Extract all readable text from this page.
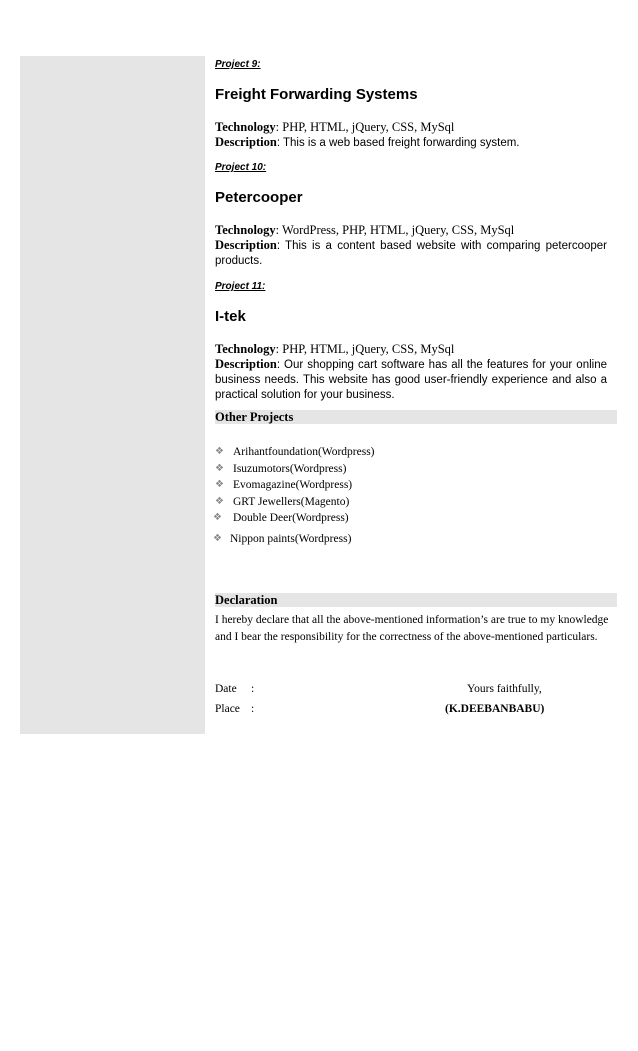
Project 9:

Freight Forwarding Systems

Technology: PHP, HTML, jQuery, CSS, MySql

Description: This is a web based freight forwarding system.

Project 10:

Petercooper

Technology: WordPress, PHP, HTML, jQuery, CSS, MySql

Description: This is a content based website with comparing petercooper products.

Project 11:

I-tek

Technology: PHP, HTML, jQuery, CSS, MySql

Description: Our shopping cart software has all the features for your online business needs. This website has good user-friendly experience and also a practical solution for your business.

Other Projects
❖ Arihantfoundation(Wordpress)
❖ Isuzumotors(Wordpress)
❖ Evomagazine(Wordpress)
❖ GRT Jewellers(Magento)
❖ Double Deer(Wordpress)
❖ Nippon paints(Wordpress)
Declaration

I hereby declare that all the above-mentioned information’s are true to my knowledge and I bear the responsibility for the correctness of the above-mentioned particulars.

Date :	Yours faithfully,
Place :	(K.DEEBANBABU)
